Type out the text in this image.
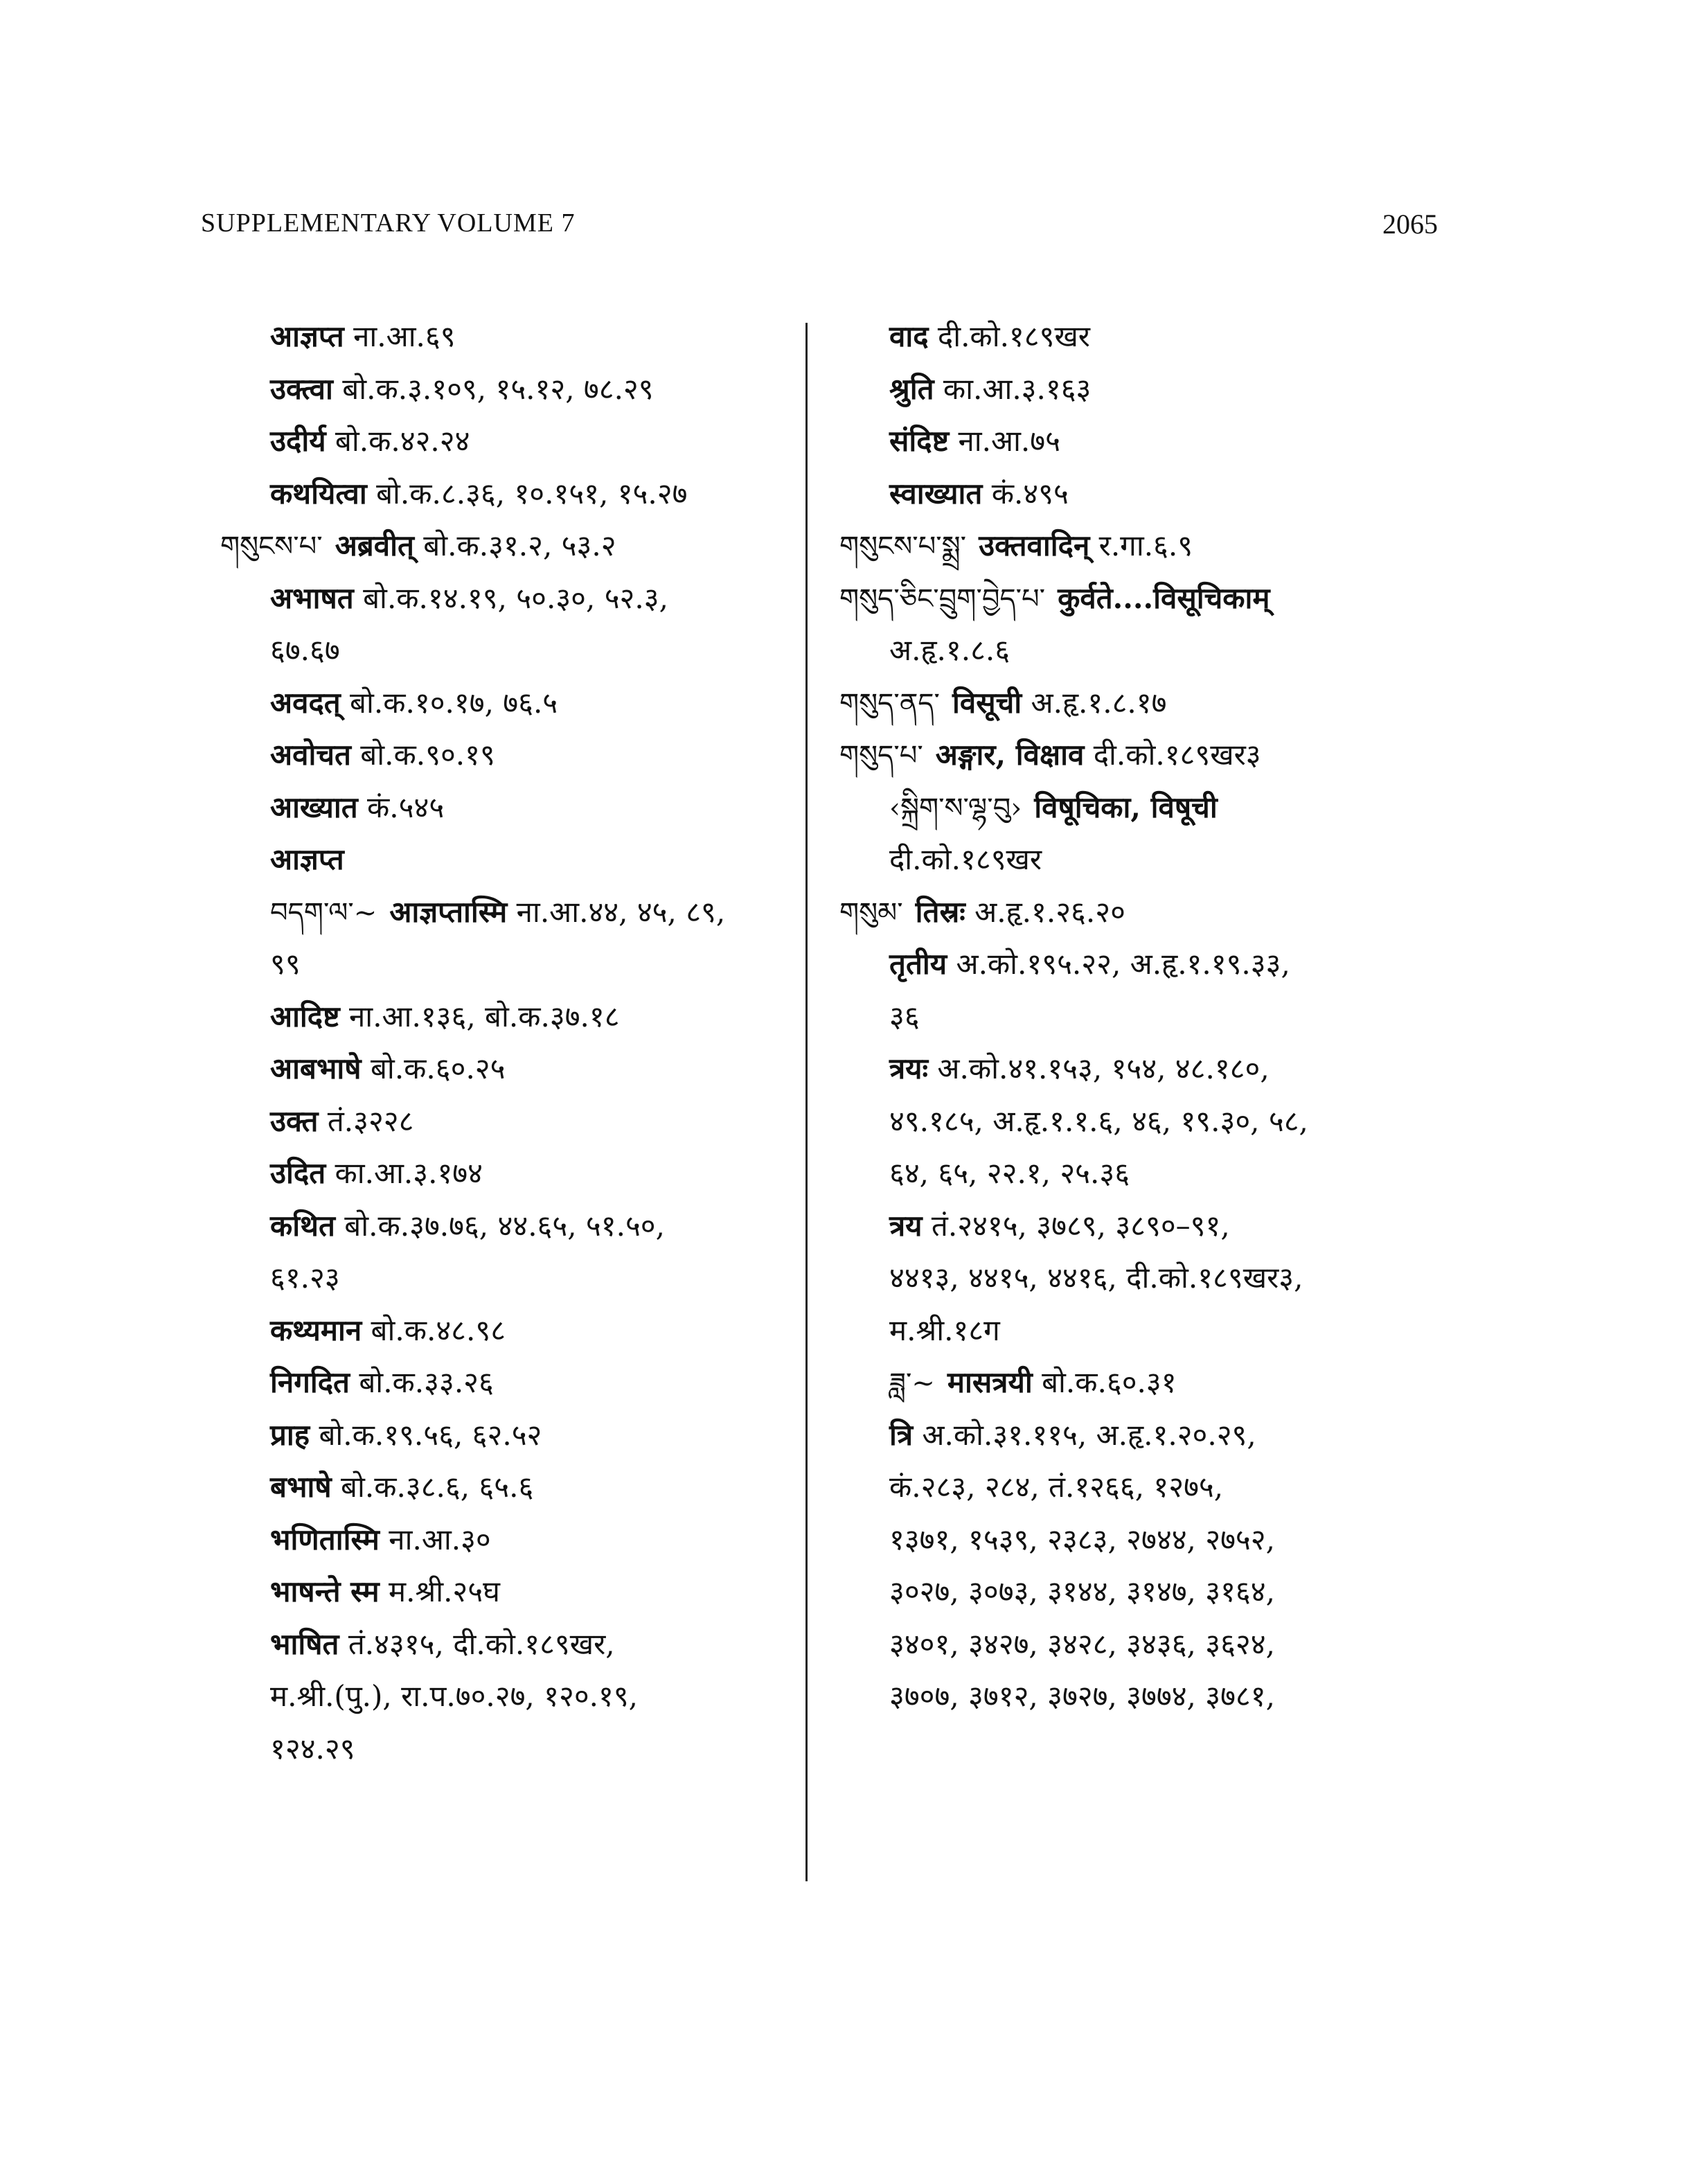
SUPPLEMENTARY VOLUME 7	2065
आज्ञप्त ना.आ.६९
उक्त्वा बो.क.३.१०९, १५.१२, ७८.२९
उदीर्य बो.क.४२.२४
कथयित्वा बो.क.८.३६, १०.१५१, १५.२७
གསུངས་པ་ अब्रवीत् बो.क.३१.२, ५३.२
अभाषत बो.क.१४.१९, ५०.३०, ५२.३,
६७.६७
अवदत् बो.क.१०.१७, ७६.५
अवोचत बो.क.९०.१९
आख्यात कं.५४५
आज्ञप्त
བདག་ལ་~ आज्ञप्तास्मि ना.आ.४४, ४५, ८९,
९९
आदिष्ट ना.आ.१३६, बो.क.३७.१८
आबभाषे बो.क.६०.२५
उक्त तं.३२२८
उदित का.आ.३.१७४
कथित बो.क.३७.७६, ४४.६५, ५१.५०,
६१.२३
कथ्यमान बो.क.४८.९८
निगदित बो.क.३३.२६
प्राह बो.क.१९.५६, ६२.५२
बभाषे बो.क.३८.६, ६५.६
भणितास्मि ना.आ.३०
भाषन्ते स्म म.श्री.२५घ
भाषित तं.४३१५, दी.को.१८९खर,
म.श्री.(पु.), रा.प.७०.२७, १२०.१९,
१२४.२९
वाद दी.को.१८९खर
श्रुति का.आ.३.१६३
संदिष्ट ना.आ.७५
स्वाख्यात कं.४९५
གསུངས་པ་སྨྲ་ उक्तवादिन् र.गा.६.९
གསུད་ཅིང་བྲུག་བྱེད་པ་ कुर्वते....विसूचिकाम्
अ.हृ.१.८.६
གསུད་ནད་ विसूची अ.हृ.१.८.१७
གསུད་པ་ अङ्गार, विक्षाव दी.को.१८९खर३
‹སྐྲིག་ས་ལྷ་བུ› विषूचिका, विषूची
दी.को.१८९खर
གསུམ་ तिस्रः अ.हृ.१.२६.२०
तृतीय अ.को.१९५.२२, अ.हृ.१.१९.३३,
३६
त्रयः अ.को.४१.१५३, १५४, ४८.१८०,
४९.१८५, अ.हृ.१.१.६, ४६, १९.३०, ५८,
६४, ६५, २२.१, २५.३६
त्रय तं.२४१५, ३७८९, ३८९०–९१,
४४१३, ४४१५, ४४१६, दी.को.१८९खर३,
म.श्री.१८ग
ཟླ་~ मासत्रयी बो.क.६०.३१
त्रि अ.को.३१.११५, अ.हृ.१.२०.२९,
कं.२८३, २८४, तं.१२६६, १२७५,
१३७१, १५३९, २३८३, २७४४, २७५२,
३०२७, ३०७३, ३१४४, ३१४७, ३१६४,
३४०१, ३४२७, ३४२८, ३४३६, ३६२४,
३७०७, ३७१२, ३७२७, ३७७४, ३७८१,
